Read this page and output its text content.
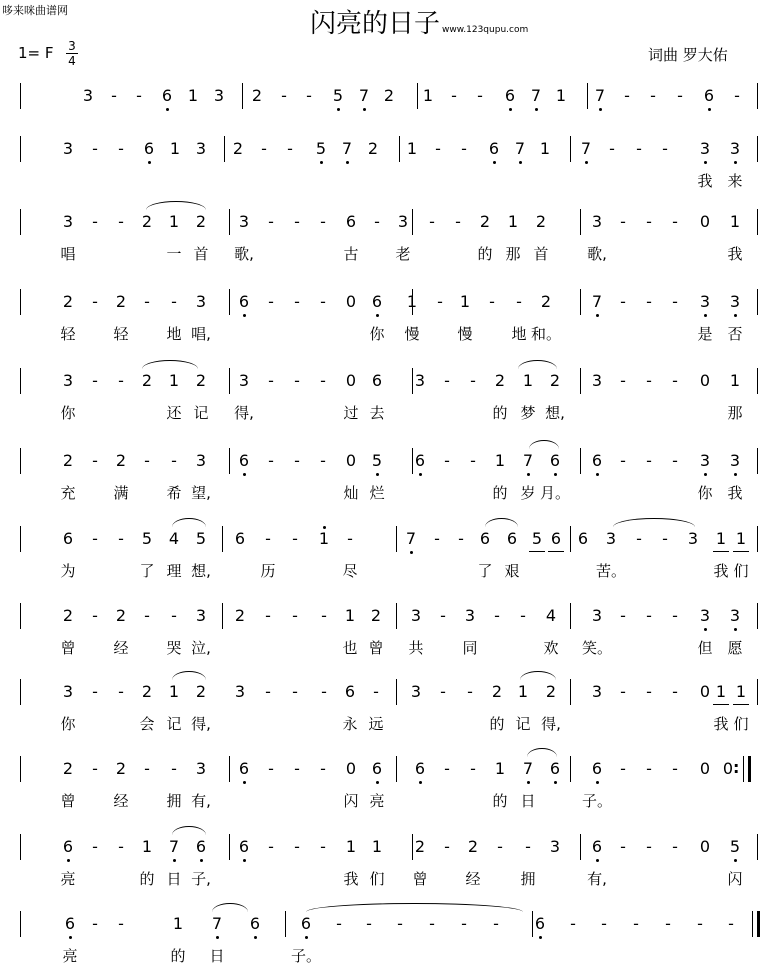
哆来咪曲谱网	闪亮的日子 www.123qupu.com
1= F 3
4	词曲 罗大佑
3 - - 6 1 3 2 - - 5 7 2 1 - - 6 7 1 7 - - - 6 -
3 - - 6 1 3 2 - - 5 7 2 1 - - 6 7 1 7 - - - 3 3
我 来
3 - - 2 1 2 3 - - - 6 - 3 - - 2 1 2	3 - - - 0 1
唱	一 首 歌,	古 老	的 那 首	歌,	我
2 - 2 - - 3 6 - - - 0 6 1 - 1 - - 2	7 - - - 3 3
轻	轻	地 唱,	你 慢	慢	地 和。	是 否
3 - - 2 1 2 3 - - - 0 6 3 - - 2 1 2 3 - - - 0 1
你	还 记 得,	过 去	的 梦 想,	那
2 - 2 - - 3 6 - - - 0 5 6 - - 1 7 6 6 - - - 3 3
充	满	希 望,	灿 烂	的 岁 月。	你 我
6 - - 5 4 5 6 - - 1 -	7 - - 6 6 5 6 6 3 - - 3 1 1
为	了 理 想,	历	尽	了 艰	苦。	我 们
2 - 2 - - 3 2 - - - 1 2 3 - 3 - - 4 3 - - - 3 3
曾	经	哭 泣,	也 曾 共	同	欢 笑。	但 愿
3 - - 2 1 2 3 - - - 6 - 3 - - 2 1 2 3 - - - 0 1 1
你	会 记 得,	永 远	的 记 得,	我 们
2 - 2 - - 3 6 - - - 0 6 6 - - 1 7 6 6 - - - 0 0
曾	经	拥 有,	闪 亮	的 日	子。
:
6 - - 1 7 6 6 - - - 1 1 2 - 2 - - 3 6 - - - 0 5
亮	的 日 子,	我 们 曾	经	拥	有,	闪
6 - -	1 7 6	6 - - - - - - 6 - - - - - -
亮	的 日	子。
